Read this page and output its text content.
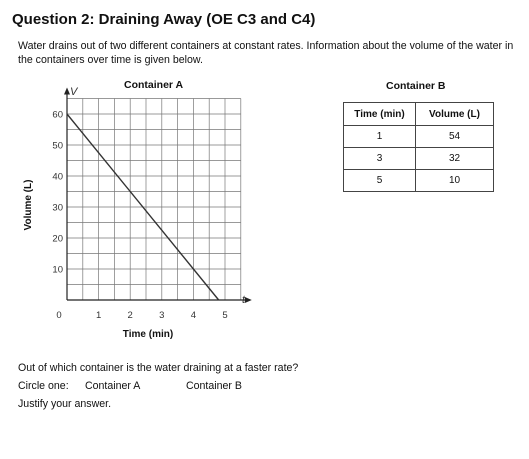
Question 2: Draining Away (OE C3 and C4)
Water drains out of two different containers at constant rates. Information about the volume of the water in the containers over time is given below.
Container A
10
20
30
40
50
60
0	1	2	3	4	5
V
t
Time (min)
Volume (L)
Container B
Time (min)	Volume (L)
1	54
3	32
5	10
Out of which container is the water draining at a faster rate?
Circle one: Container A	Container B
Justify your answer.
